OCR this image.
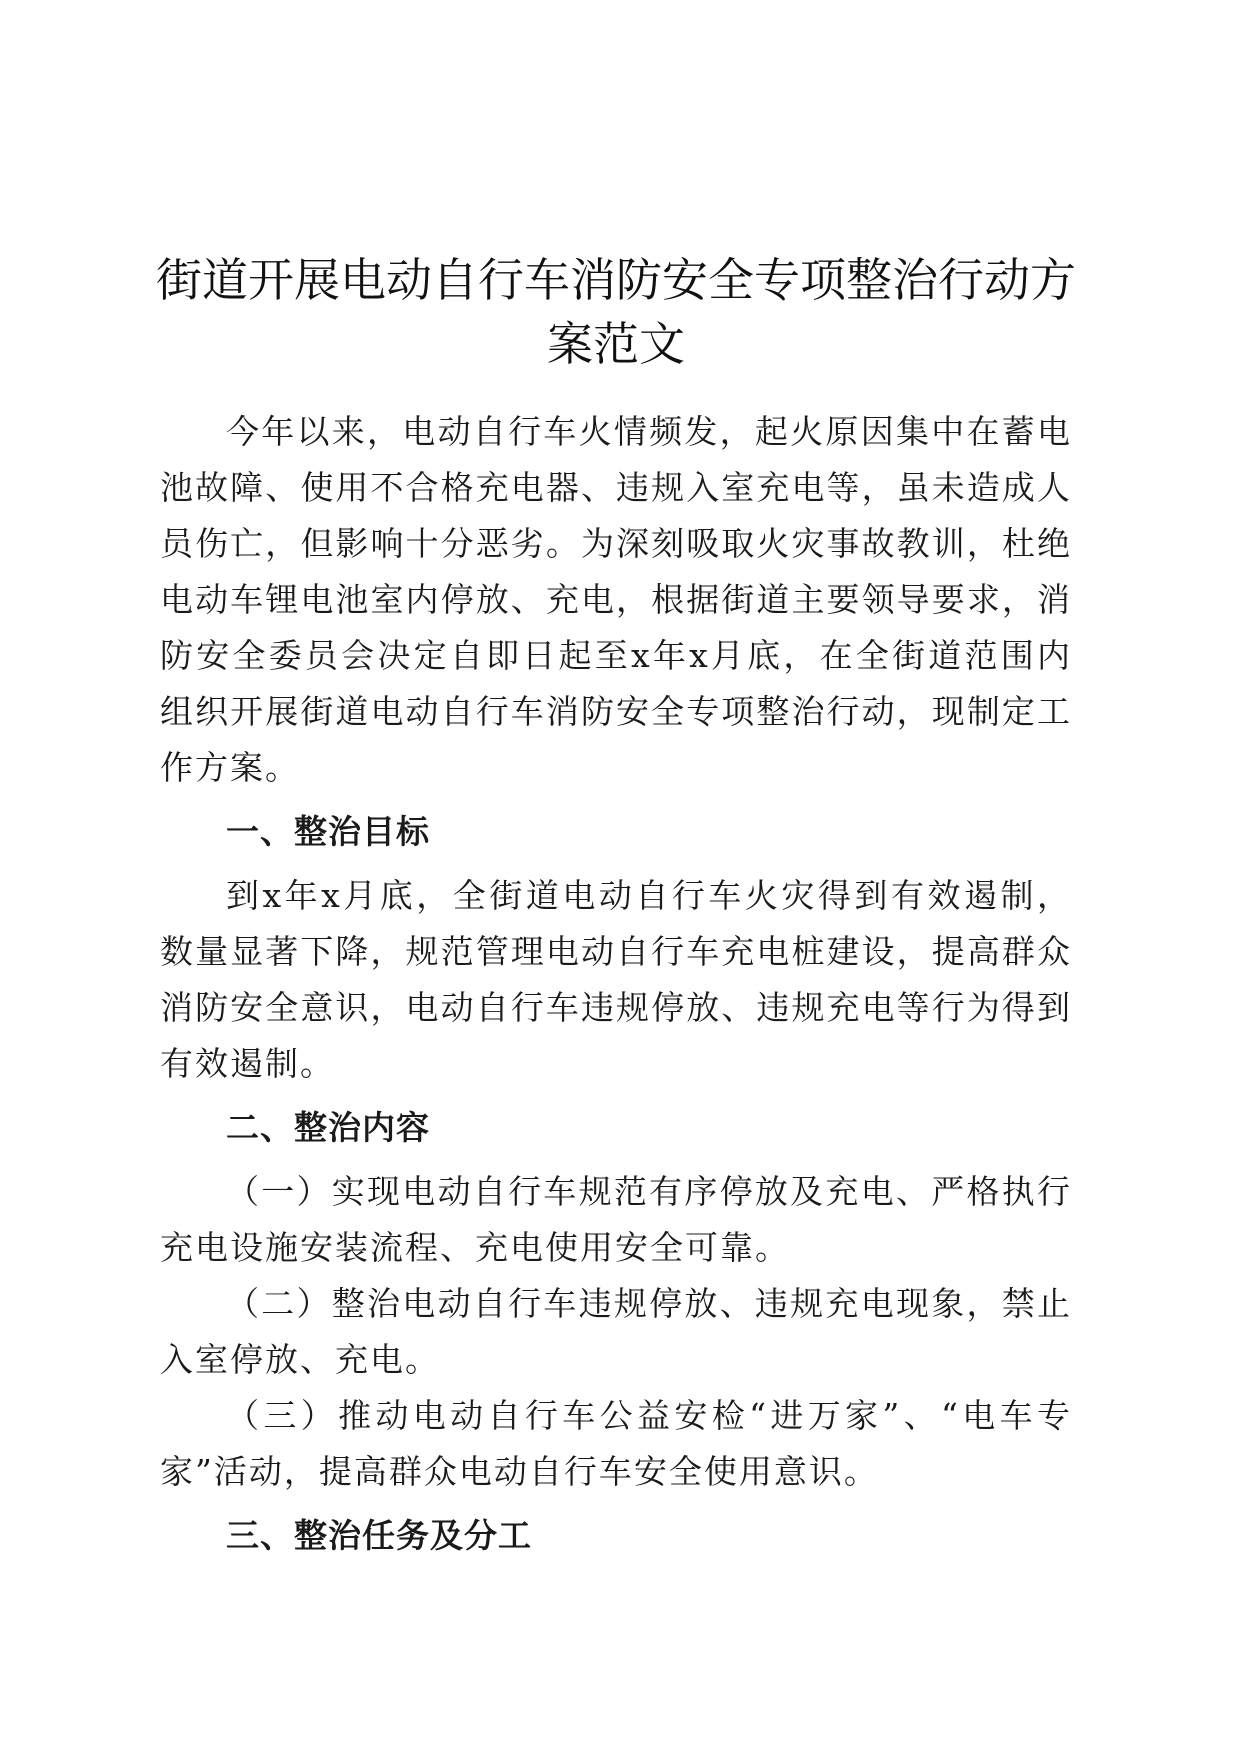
街道开展电动自行车消防安全专项整治行动方案范文

今年以来，电动自行车火情频发，起火原因集中在蓄电池故障、使用不合格充电器、违规入室充电等，虽未造成人员伤亡，但影响十分恶劣。为深刻吸取火灾事故教训，杜绝电动车锂电池室内停放、充电，根据街道主要领导要求，消防安全委员会决定自即日起至x年x月底，在全街道范围内组织开展街道电动自行车消防安全专项整治行动，现制定工作方案。

一、整治目标

到x年x月底，全街道电动自行车火灾得到有效遏制，数量显著下降，规范管理电动自行车充电桩建设，提高群众消防安全意识，电动自行车违规停放、违规充电等行为得到有效遏制。

二、整治内容

（一）实现电动自行车规范有序停放及充电、严格执行充电设施安装流程、充电使用安全可靠。

（二）整治电动自行车违规停放、违规充电现象，禁止入室停放、充电。

（三）推动电动自行车公益安检“进万家”、“电车专家”活动，提高群众电动自行车安全使用意识。

三、整治任务及分工
